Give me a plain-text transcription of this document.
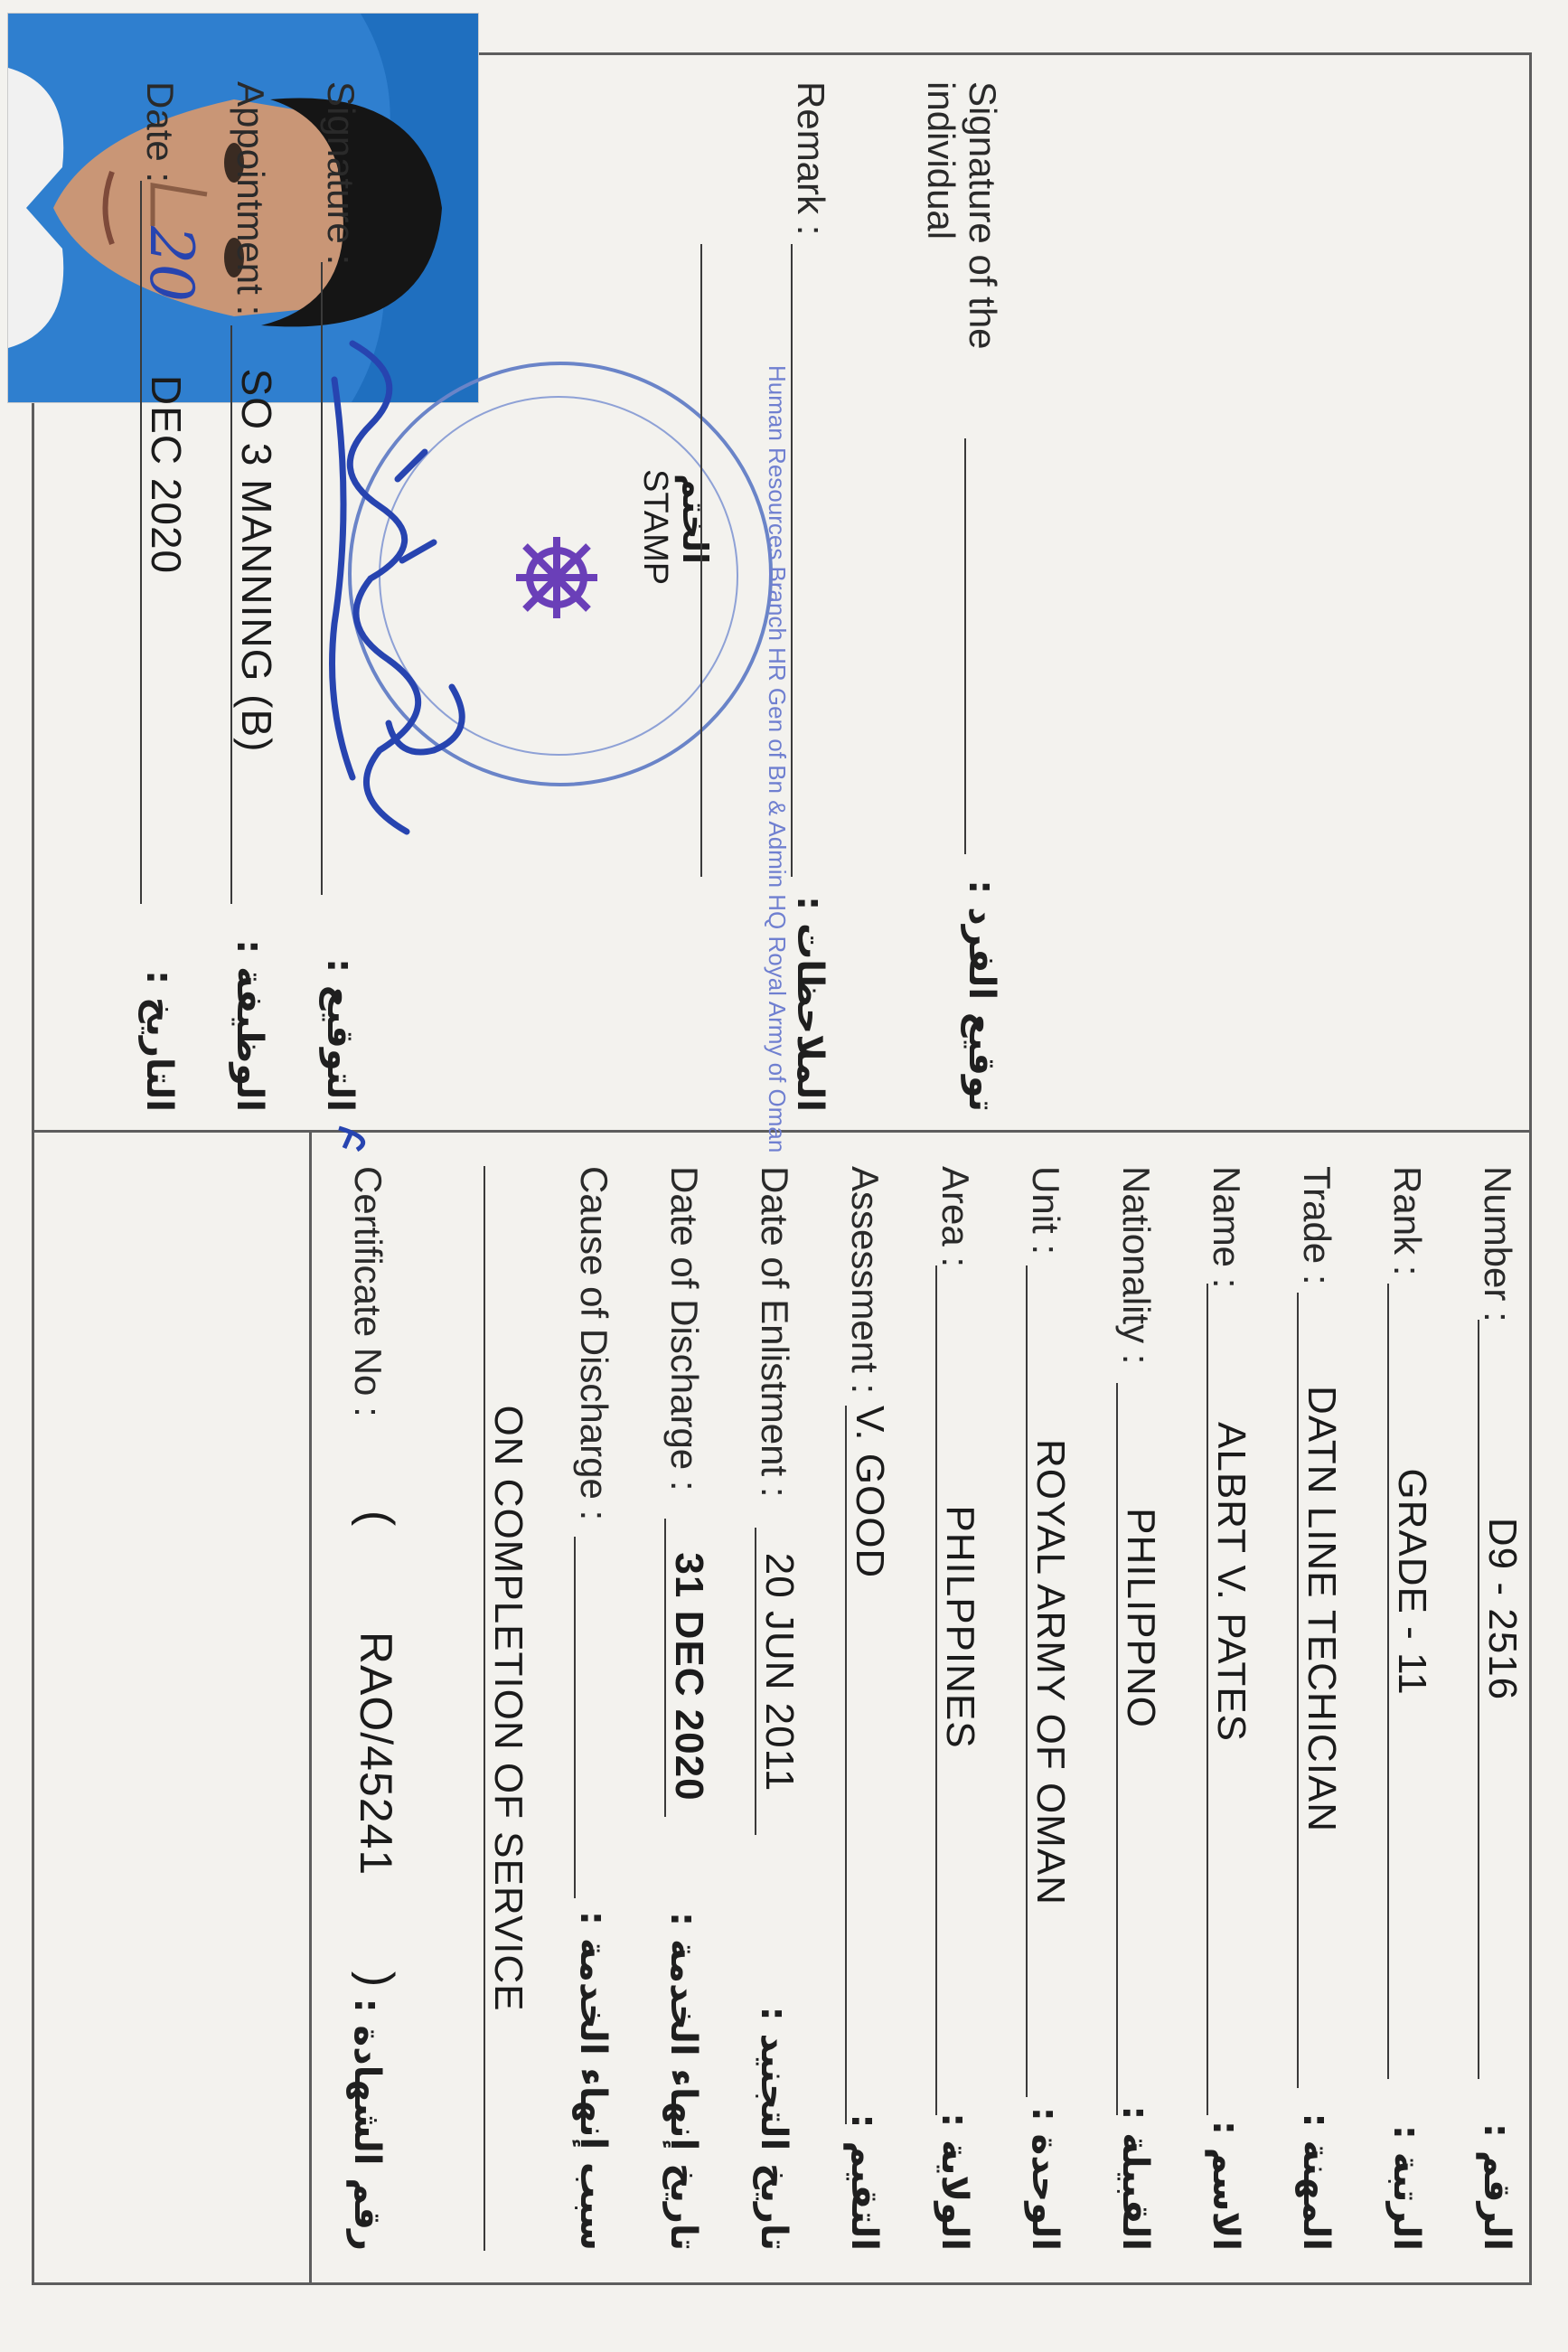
Number :
D9 - 2516
الرقم :
Rank :
GRADE - 11
الرتبة :
Trade :
DATN LINE TECHICIAN
المهنة :
Name :
ALBRT V. PATES
الاسم :
Nationality :
PHILIPPNO
القبيلة :
Unit :
ROYAL ARMY OF OMAN
الوحدة :
Area :
PHILPPINES
الولاية :
Assessment :
V. GOOD
التقيم :
Date of Enlistment :
20 JUN 2011
تاريخ التجنيد :
Date of Discharge :
31 DEC 2020
تاريخ إنهاء الخدمة :
Cause of Discharge :
سبب إنهاء الخدمة :
ON COMPLETION OF SERVICE
Certificate No :
(
RAO/45241
)
رقم الشهادة :
Human Resources Branch HR Gen of Bn & Admin HQ Royal Army of Oman
الختم
STAMP
Signature of the
individual
توقيع الفرد :
Remark :
الملاحظات :
Signature :
التوقيع :
Appointment :
SO 3 MANNING (B)
الوظيفة :
Date :
20
DEC 2020
التاريخ :
